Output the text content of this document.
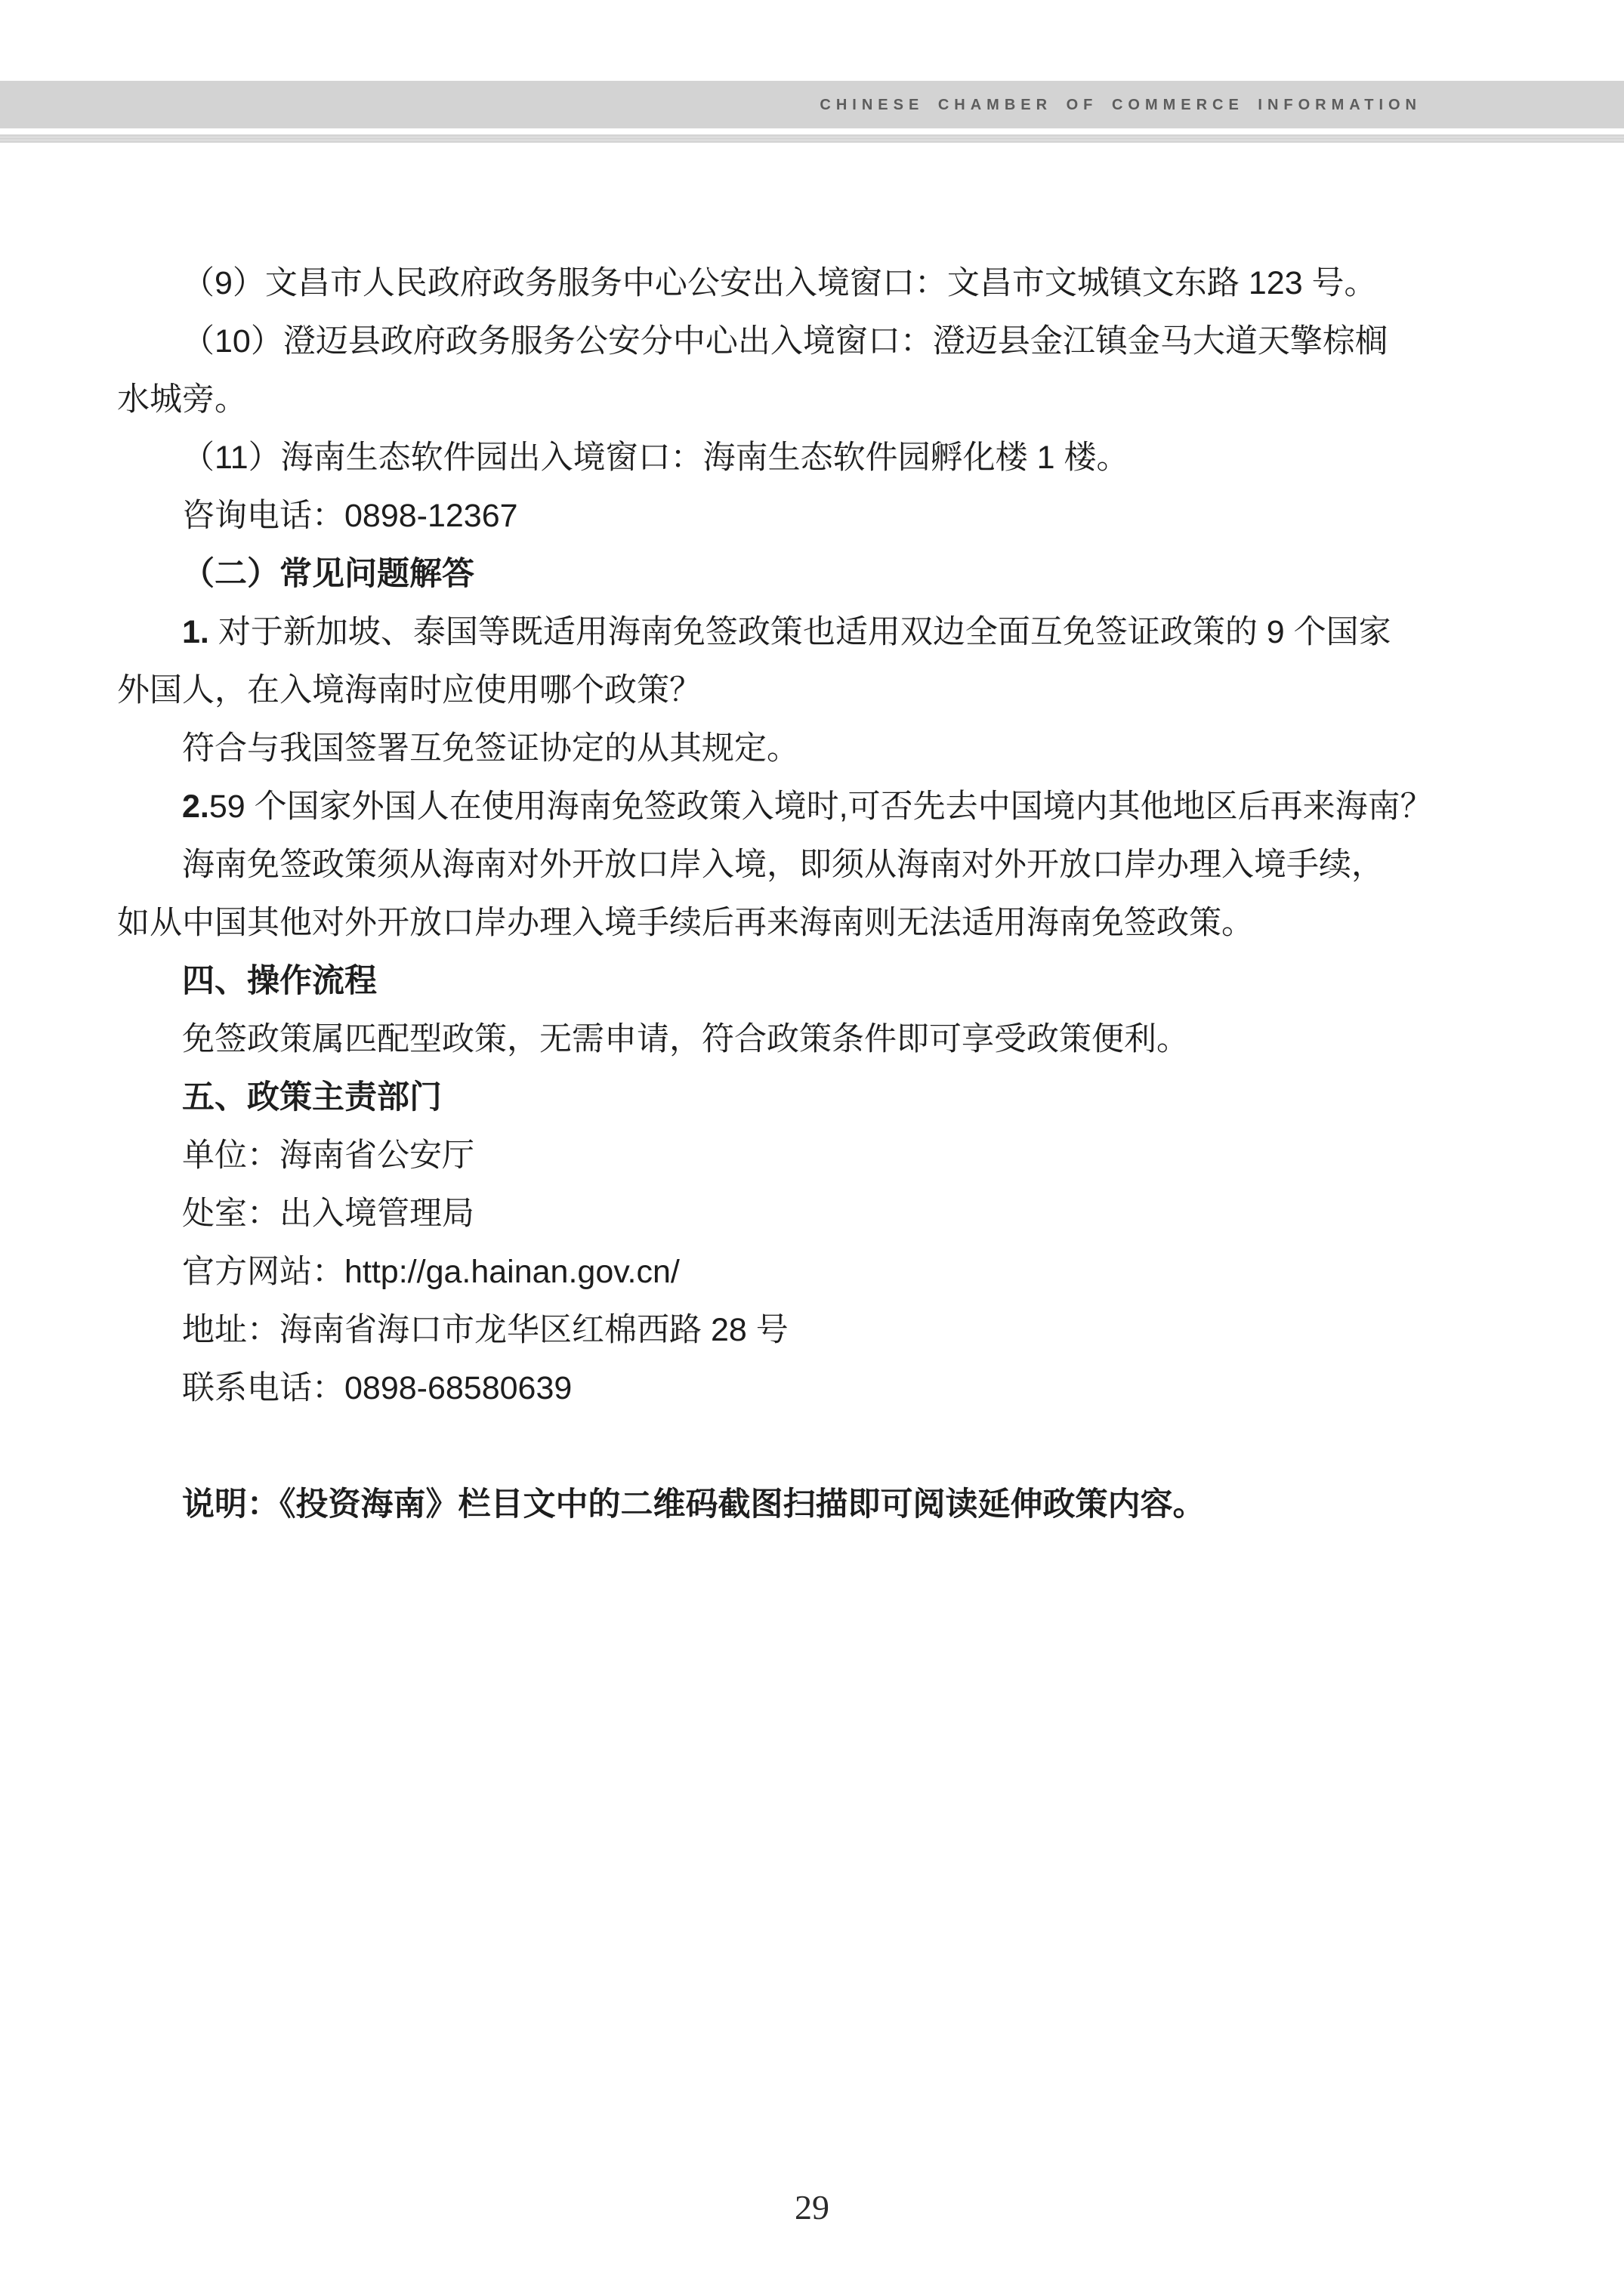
CHINESE CHAMBER OF COMMERCE INFORMATION
（9）文昌市人民政府政务服务中心公安出入境窗口：文昌市文城镇文东路 123 号。
（10）澄迈县政府政务服务公安分中心出入境窗口：澄迈县金江镇金马大道天擎棕榈
水城旁。
（11）海南生态软件园出入境窗口：海南生态软件园孵化楼 1 楼。
咨询电话：0898-12367
（二）常见问题解答
1. 对于新加坡、泰国等既适用海南免签政策也适用双边全面互免签证政策的 9 个国家
外国人，在入境海南时应使用哪个政策？
符合与我国签署互免签证协定的从其规定。
2.59 个国家外国人在使用海南免签政策入境时,可否先去中国境内其他地区后再来海南？
海南免签政策须从海南对外开放口岸入境，即须从海南对外开放口岸办理入境手续，
如从中国其他对外开放口岸办理入境手续后再来海南则无法适用海南免签政策。
四、操作流程
免签政策属匹配型政策，无需申请，符合政策条件即可享受政策便利。
五、政策主责部门
单位：海南省公安厅
处室：出入境管理局
官方网站：http://ga.hainan.gov.cn/
地址：海南省海口市龙华区红棉西路 28 号
联系电话：0898-68580639
说明：《投资海南》栏目文中的二维码截图扫描即可阅读延伸政策内容。
29
